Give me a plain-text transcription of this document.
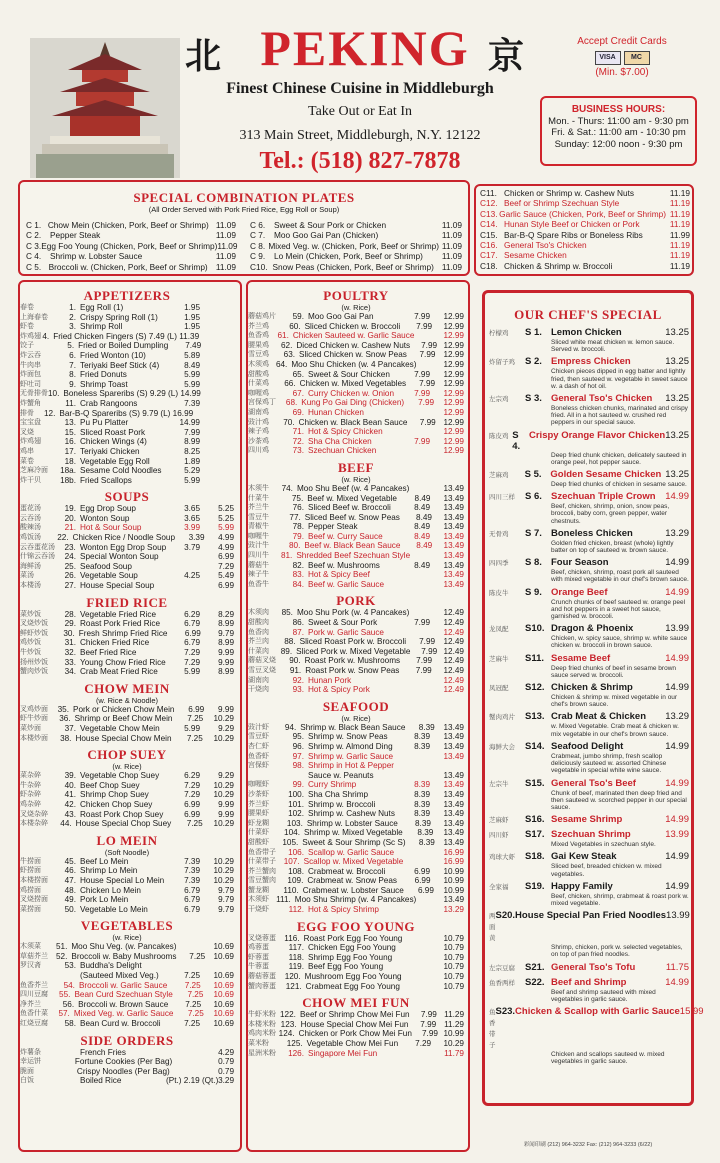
北	京
PEKING
Finest Chinese Cuisine in Middleburgh
Take Out or Eat In
313 Main Street, Middleburgh, N.Y. 12122
Tel.: (518) 827-7878
Accept Credit Cards
VISA	MC
(Min. $7.00)
BUSINESS HOURS:
Mon. - Thurs: 11:00 am - 9:30 pm
Fri. & Sat.: 11:00 am - 10:30 pm
Sunday: 12:00 noon - 9:30 pm
SPECIAL COMBINATION PLATES
(All Order Served with Pork Fried Rice, Egg Roll or Soup)
C 1. Chow Mein (Chicken, Pork, Beef or Shrimp) 11.09
C 2.	Pepper Steak	11.09
C 3. Egg Foo Young (Chicken, Pork, Beef or Shrimp) 11.09
C 4.	Shrimp w. Lobster Sauce	11.09
C 5. Broccoli w. (Chicken, Pork, Beef or Shrimp) 11.09
C 6.	Sweet & Sour Pork or Chicken	11.09
C 7.	Moo Goo Gai Pan (Chicken)	11.09
C 8. Mixed Veg. w. (Chicken, Pork, Beef or Shrimp) 11.09
C 9.	Lo Mein (Chicken, Pork, Beef or Shrimp)	11.09
C10. Snow Peas (Chicken, Pork, Beef or Shrimp) 11.09
C11. Chicken or Shrimp w. Cashew Nuts	11.19
C12. Beef or Shrimp Szechuan Style	11.19
C13. Garlic Sauce (Chicken, Pork, Beef or Shrimp) 11.19
C14. Hunan Style Beef or Chicken or Pork	11.19
C15. Bar-B-Q Spare Ribs or Boneless Ribs	11.99
C16. General Tso's Chicken	11.19
C17. Sesame Chicken	11.19
C18. Chicken & Shrimp w. Broccoli	11.19
APPETIZERS
春卷	1. Egg Roll (1)	1.95
上海春卷	2. Crispy Spring Roll (1)	1.95
虾卷	3. Shrimp Roll	1.95
炸鸡翅 4. Fried Chicken Fingers (S) 7.49 (L) 11.39
饺子	5. Fried or Boiled Dumpling	7.49
炸云吞	6. Fried Wonton (10)	5.89
牛肉串	7. Teriyaki Beef Stick (4)	8.49
炸面包	8. Fried Donuts	5.99
虾吐司	9. Shrimp Toast	5.99
无骨排骨 10. Boneless Spareribs (S) 9.29 (L) 14.99
炸蟹角	11. Crab Rangoons	7.39
排骨	12. Bar-B-Q Spareribs (S) 9.79 (L) 16.99
宝宝盘	13. Pu Pu Platter	14.99
叉烧	15. Sliced Roast Pork	7.99
炸鸡翅	16. Chicken Wings (4)	8.99
鸡串	17. Teriyaki Chicken	8.25
菜卷	18. Vegetable Egg Roll	1.89
芝麻冷面	18a. Sesame Cold Noodles	5.29
炸干贝	18b. Fried Scallops	5.99
SOUPS
蛋花汤	19. Egg Drop Soup	3.65	5.25
云吞汤	20. Wonton Soup	3.65	5.25
酸辣汤	21. Hot & Sour Soup	3.99	5.99
鸡饭汤	22. Chicken Rice / Noodle Soup	3.39	4.99
云吞蛋花汤	23. Wonton Egg Drop Soup	3.79	4.99
什锦云吞汤	24. Special Wonton Soup	6.99
海鲜汤	25. Seafood Soup	7.29
菜汤	26. Vegetable Soup	4.25	5.49
本楼汤	27. House Special Soup	6.99
FRIED RICE
菜炒饭	28. Vegetable Fried Rice	6.29	8.29
叉烧炒饭	29. Roast Pork Fried Rice	6.79	8.99
鲜虾炒饭	30. Fresh Shrimp Fried Rice	6.99	9.79
鸡炒饭	31. Chicken Fried Rice	6.79	8.99
牛炒饭	32. Beef Fried Rice	7.29	9.99
扬州炒饭	33. Young Chow Fried Rice	7.29	9.99
蟹肉炒饭	34. Crab Meat Fried Rice	5.99	8.99
CHOW MEIN
(w. Rice & Noodle)
叉鸡炒面	35. Pork or Chicken Chow Mein	6.99	9.99
虾牛炒面	36. Shrimp or Beef Chow Mein	7.25	10.29
菜炒面	37. Vegetable Chow Mein	5.99	9.29
本楼炒面	38. House Special Chow Mein	7.25	10.29
CHOP SUEY
(w. Rice)
菜杂碎	39. Vegetable Chop Suey	6.29	9.29
牛杂碎	40. Beef Chop Suey	7.29	10.29
虾杂碎	41. Shrimp Chop Suey	7.29	10.29
鸡杂碎	42. Chicken Chop Suey	6.99	9.99
叉烧杂碎	43. Roast Pork Chop Suey	6.99	9.99
本楼杂碎	44. House Special Chop Suey	7.25	10.29
LO MEIN
(Soft Noodle)
牛捞面	45. Beef Lo Mein	7.39	10.29
虾捞面	46. Shrimp Lo Mein	7.39	10.29
本楼捞面	47. House Special Lo Mein	7.39	10.29
鸡捞面	48. Chicken Lo Mein	6.79	9.79
叉烧捞面	49. Pork Lo Mein	6.79	9.79
菜捞面	50. Vegetable Lo Mein	6.79	9.79
VEGETABLES
(w. Rice)
木须菜	51. Moo Shu Veg. (w. Pancakes)	10.69
草菇芥兰 52. Broccoli w. Baby Mushrooms	7.25	10.69
罗汉斋	53. Buddha's Delight
(Sauteed Mixed Veg.)	7.25	10.69
鱼香芥兰	54. Broccoli w. Garlic Sauce	7.25	10.69
四川豆腐	55. Bean Curd Szechuan Style	7.25	10.69
净芥兰	56. Broccoli w. Brown Sauce	7.25	10.69
鱼香什菜	57. Mixed Veg. w. Garlic Sauce	7.25	10.69
红烧豆腐	58. Bean Curd w. Broccoli	7.25	10.69
SIDE ORDERS
炸薯条	French Fries	4.29
幸运饼	Fortune Cookies (Per Bag)	0.79
脆面	Crispy Noodles (Per Bag)	0.79
白饭	Boiled Rice	(Pt.) 2.19 (Qt.) 3.29
POULTRY
(w. Rice)
蘑菇鸡片	59. Moo Goo Gai Pan	7.99	12.99
芥兰鸡	60. Sliced Chicken w. Broccoli	7.99	12.99
鱼香鸡	61. Chicken Sauteed w. Garlic Sauce	12.99
腰果鸡	62. Diced Chicken w. Cashew Nuts	7.99 12.99
雪豆鸡	63. Sliced Chicken w. Snow Peas	7.99 12.99
木须鸡 64. Moo Shu Chicken (w. 4 Pancakes)	12.99
甜酸鸡	65. Sweet & Sour Chicken	7.99	12.99
什菜鸡	66. Chicken w. Mixed Vegetables	7.99	12.99
咖喱鸡	67. Curry Chicken w. Onion	7.99	12.99
宫保鸡丁	68. Kung Po Gai Ding (Chicken)	7.99	12.99
湖南鸡	69. Hunan Chicken	12.99
豉汁鸡	70. Chicken w. Black Bean Sauce	7.99 12.99
辣子鸡	71. Hot & Spicy Chicken	12.99
沙茶鸡	72. Sha Cha Chicken	7.99	12.99
四川鸡	73. Szechuan Chicken	12.99
BEEF
(w. Rice)
木须牛	74. Moo Shu Beef (w. 4 Pancakes)	13.49
什菜牛	75. Beef w. Mixed Vegetable	8.49	13.49
芥兰牛	76. Sliced Beef w. Broccoli	8.49	13.49
雪豆牛	77. Sliced Beef w. Snow Peas	8.49	13.49
青椒牛	78. Pepper Steak	8.49	13.49
咖喱牛	79. Beef w. Curry Sauce	8.49	13.49
豉汁牛	80. Beef w. Black Bean Sauce	8.49	13.49
四川牛	81. Shredded Beef Szechuan Style	13.49
蘑菇牛	82. Beef w. Mushrooms	8.49	13.49
辣子牛	83. Hot & Spicy Beef	13.49
鱼香牛	84. Beef w. Garlic Sauce	13.49
PORK
木须肉	85. Moo Shu Pork (w. 4 Pancakes)	12.49
甜酸肉	86. Sweet & Sour Pork	7.99	12.49
鱼香肉	87. Pork w. Garlic Sauce	12.49
芥兰肉	88. Sliced Roast Pork w. Broccoli	7.99	12.49
什菜肉	89. Sliced Pork w. Mixed Vegetable	7.99 12.49
蘑菇叉烧	90. Roast Pork w. Mushrooms	7.99	12.49
雪豆叉烧	91. Roast Pork w. Snow Peas	7.99	12.49
湖南肉	92. Hunan Pork	12.49
干烧肉	93. Hot & Spicy Pork	12.49
SEAFOOD
(w. Rice)
豉汁虾	94. Shrimp w. Black Bean Sauce	8.39	13.49
雪豆虾	95. Shrimp w. Snow Peas	8.39	13.49
杏仁虾	96. Shrimp w. Almond Ding	8.39	13.49
鱼香虾	97. Shrimp w. Garlic Sauce	13.49
宫保虾	98. Shrimp in Hot & Pepper
Sauce w. Peanuts	13.49
咖喱虾	99. Curry Shrimp	8.39	13.49
沙茶虾	100. Sha Cha Shrimp	8.39	13.49
芥兰虾	101. Shrimp w. Broccoli	8.39	13.49
腰果虾	102. Shrimp w. Cashew Nuts	8.39	13.49
虾龙糊	103. Shrimp w. Lobster Sauce	8.39	13.49
什菜虾	104. Shrimp w. Mixed Vegetable	8.39	13.49
甜酸虾	105. Sweet & Sour Shrimp (Sc S)	8.39	13.49
鱼香带子	106. Scallop w. Garlic Sauce	16.99
什菜带子 107. Scallop w. Mixed Vegetable	16.99
芥兰蟹肉	108. Crabmeat w. Broccoli	6.99	10.99
雪豆蟹肉	109. Crabmeat w. Snow Peas	6.99	10.99
蟹龙糊	110. Crabmeat w. Lobster Sauce	6.99	10.99
木须虾 111. Moo Shu Shrimp (w. 4 Pancakes)	13.49
干烧虾	112. Hot & Spicy Shrimp	13.29
EGG FOO YOUNG
叉烧蓉蛋	116. Roast Pork Egg Foo Young	10.79
鸡蓉蛋	117. Chicken Egg Foo Young	10.79
虾蓉蛋	118. Shrimp Egg Foo Young	10.79
牛蓉蛋	119. Beef Egg Foo Young	10.79
蘑菇蓉蛋	120. Mushroom Egg Foo Young	10.79
蟹肉蓉蛋	121. Crabmeat Egg Foo Young	10.79
CHOW MEI FUN
牛虾米粉 122. Beef or Shrimp Chow Mei Fun	7.99 11.29
本楼米粉 123. House Special Chow Mei Fun	7.99 11.29
鸡肉米粉 124. Chicken or Pork Chow Mei Fun	7.99 10.99
菜米粉	125. Vegetable Chow Mei Fun	7.29	10.29
星洲米粉	126. Singapore Mei Fun	11.79
OUR CHEF'S SPECIAL
柠檬鸡	S 1. Lemon Chicken	13.25
Sliced white meat chicken w. lemon sauce. Served w. broccoli.
炸留子鸡	S 2. Empress Chicken	13.25
Chicken pieces dipped in egg batter and lightly fried, then sauteed w. vegetable in sweet sauce w. a dash of hot oil.
左宗鸡	S 3. General Tso's Chicken	13.25
Boneless chicken chunks, marinated and crispy fried. All in a hot sauteed w. crushed red peppers in our special sauce.
陈皮鸡 S 4.
Crispy Orange Flavor Chicken 13.25
Deep fried chunk chicken, delicately sauteed in orange peel, hot pepper sauce.
芝麻鸡	S 5. Golden Sesame Chicken 13.25
Deep fried chunks of chicken in sesame sauce.
四川三样	S 6. Szechuan Triple Crown	14.99
Beef, chicken, shrimp, onion, snow peas, broccoli, baby corn, green pepper, water chestnuts.
无骨鸡	S 7. Boneless Chicken	13.29
Golden fried chicken, breast (whole) lightly batter on top of sauteed w. brown sauce.
四四季	S 8. Four Season	14.99
Beef, chicken, shrimp, roast pork all sauteed with mixed vegetable in our chef's brown sauce.
陈皮牛	S 9. Orange Beef	14.99
Crunch chunks of beef sauteed w. orange peel and hot peppers in a sweet hot sauce, garnished w. broccoli.
龙凤配	S10. Dragon & Phoenix	13.99
Chicken, w. spicy sauce, shrimp w. white sauce chicken w. broccoli in brown sauce.
芝麻牛	S11. Sesame Beef	14.99
Deep fried chunks of beef in sesame brown sauce served w. broccoli.
凤冠配	S12. Chicken & Shrimp	14.99
Chicken & shrimp w. mixed vegetable in our chef's brown sauce.
蟹肉鸡片	S13. Crab Meat & Chicken	13.29
w. Mixed Vegetable. Crab meat & chicken w. mix vegetable in our chef's brown sauce.
海鲜大会	S14. Seafood Delight	14.99
Crabmeat, jumbo shrimp, fresh scallop deliciously sauteed w. assorted Chinese vegetable in special white wine sauce.
左宗牛	S15. General Tso's Beef	14.99
Chunk of beef, marinated then deep fried and then sauteed w. scorched pepper in our special sauce.
芝麻虾	S16. Sesame Shrimp	14.99
四川虾	S17. Szechuan Shrimp	13.99
Mixed Vegetables in szechuan style.
鸡球大虾	S18. Gai Kew Steak	14.99
Sliced beef, breaded chicken w. mixed vegetables.
全家福	S19. Happy Family	14.99
Beef, chicken, shrimp, crabmeat & roast pork w. mixed vegetable.
两面黄
S20. House Special Pan Fried Noodles 13.99
Shrimp, chicken, pork w. selected vegetables, on top of pan fried noodles.
左宗豆腐	S21. General Tso's Tofu	11.75
鱼香两样	S22. Beef and Shrimp	14.99
Beef and shrimp sauteed with mixed vegetables in garlic sauce.
鱼香带子
S23. Chicken & Scallop with Garlic Sauce 15.99
Chicken and scallops sauteed w. mixed vegetables in garlic sauce.
彩闻印刷 (212) 964-3232 Fax: (212) 964-3233 (6/22)
